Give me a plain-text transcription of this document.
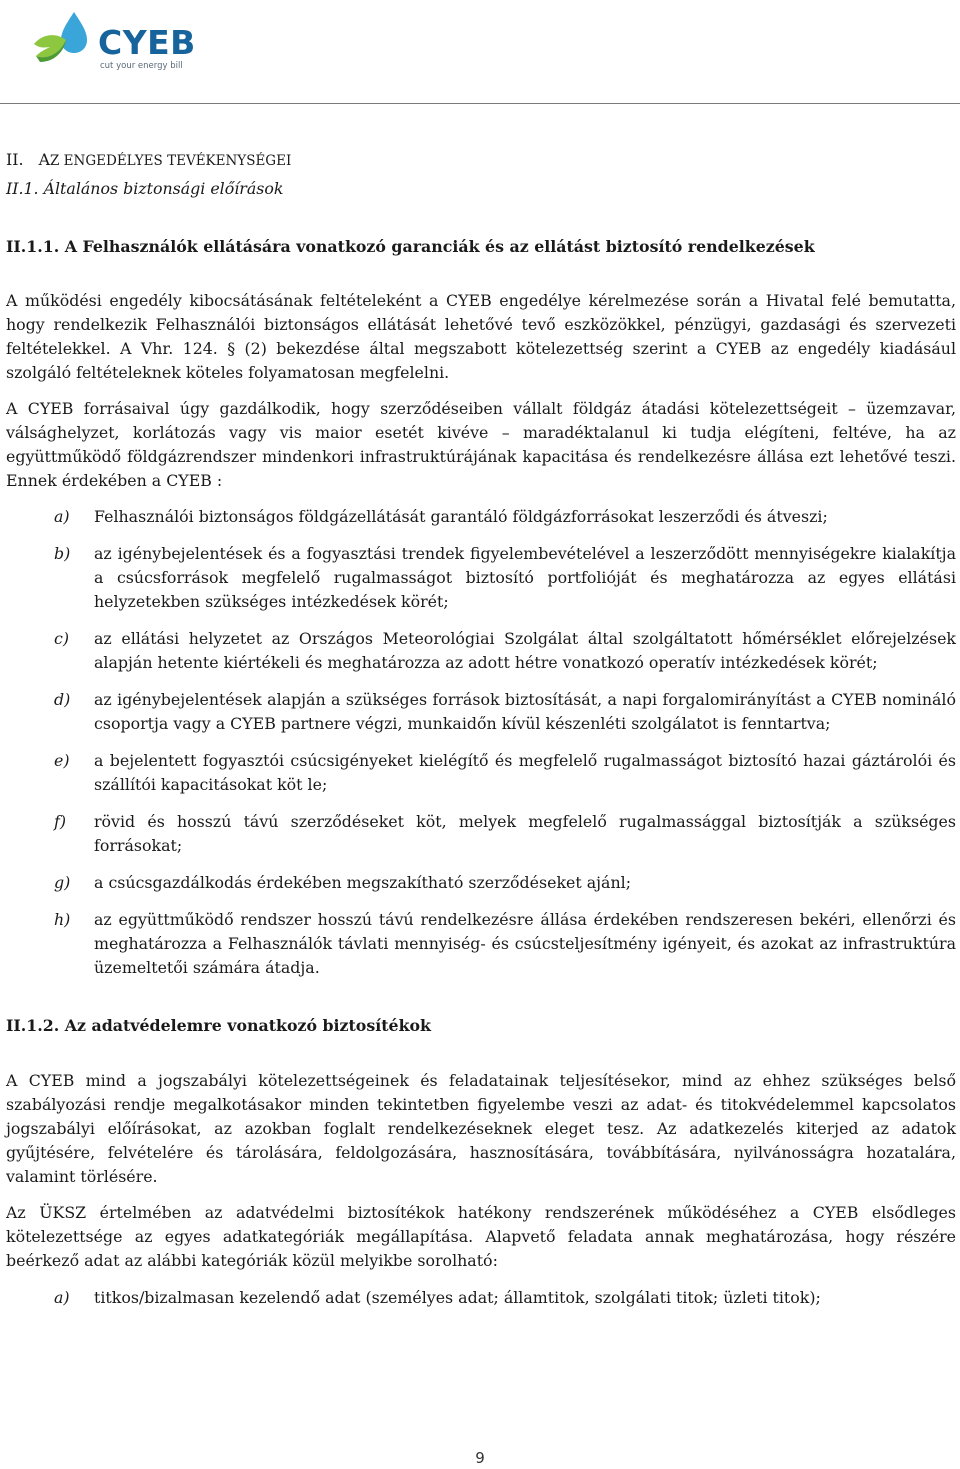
CYEB
cut your energy bill

II. AZ ENGEDÉLYES TEVÉKENYSÉGEI

II.1. Általános biztonsági előírások

II.1.1. A Felhasználók ellátására vonatkozó garanciák és az ellátást biztosító rendelkezések

A működési engedély kibocsátásának feltételeként a CYEB engedélye kérelmezése során a Hivatal felé bemutatta, hogy rendelkezik Felhasználói biztonságos ellátását lehetővé tevő eszközökkel, pénzügyi, gazdasági és szervezeti feltételekkel. A Vhr. 124. § (2) bekezdése által megszabott kötelezettség szerint a CYEB az engedély kiadásául szolgáló feltételeknek köteles folyamatosan megfelelni.

A CYEB forrásaival úgy gazdálkodik, hogy szerződéseiben vállalt földgáz átadási kötelezettségeit – üzemzavar, válsághelyzet, korlátozás vagy vis maior esetét kivéve – maradéktalanul ki tudja elégíteni, feltéve, ha az együttműködő földgázrendszer mindenkori infrastruktúrájának kapacitása és rendelkezésre állása ezt lehetővé teszi. Ennek érdekében a CYEB :

a)	Felhasználói biztonságos földgázellátását garantáló földgázforrásokat leszerződi és átveszi;
b)	az igénybejelentések és a fogyasztási trendek figyelembevételével a leszerződött mennyiségekre kialakítja a csúcsforrások megfelelő rugalmasságot biztosító portfolióját és meghatározza az egyes ellátási helyzetekben szükséges intézkedések körét;
c)	az ellátási helyzetet az Országos Meteorológiai Szolgálat által szolgáltatott hőmérséklet előrejelzések alapján hetente kiértékeli és meghatározza az adott hétre vonatkozó operatív intézkedések körét;
d)	az igénybejelentések alapján a szükséges források biztosítását, a napi forgalomirányítást a CYEB nomináló csoportja vagy a CYEB partnere végzi, munkaidőn kívül készenléti szolgálatot is fenntartva;
e)	a bejelentett fogyasztói csúcsigényeket kielégítő és megfelelő rugalmasságot biztosító hazai gáztárolói és szállítói kapacitásokat köt le;
f)	rövid és hosszú távú szerződéseket köt, melyek megfelelő rugalmassággal biztosítják a szükséges forrásokat;
g)	a csúcsgazdálkodás érdekében megszakítható szerződéseket ajánl;
h)	az együttműködő rendszer hosszú távú rendelkezésre állása érdekében rendszeresen bekéri, ellenőrzi és meghatározza a Felhasználók távlati mennyiség- és csúcsteljesítmény igényeit, és azokat az infrastruktúra üzemeltetői számára átadja.

II.1.2. Az adatvédelemre vonatkozó biztosítékok

A CYEB mind a jogszabályi kötelezettségeinek és feladatainak teljesítésekor, mind az ehhez szükséges belső szabályozási rendje megalkotásakor minden tekintetben figyelembe veszi az adat- és titokvédelemmel kapcsolatos jogszabályi előírásokat, az azokban foglalt rendelkezéseknek eleget tesz. Az adatkezelés kiterjed az adatok gyűjtésére, felvételére és tárolására, feldolgozására, hasznosítására, továbbítására, nyilvánosságra hozatalára, valamint törlésére.

Az ÜKSZ értelmében az adatvédelmi biztosítékok hatékony rendszerének működéséhez a CYEB elsődleges kötelezettsége az egyes adatkategóriák megállapítása. Alapvető feladata annak meghatározása, hogy részére beérkező adat az alábbi kategóriák közül melyikbe sorolható:

a)	titkos/bizalmasan kezelendő adat (személyes adat; államtitok, szolgálati titok; üzleti titok);
9
